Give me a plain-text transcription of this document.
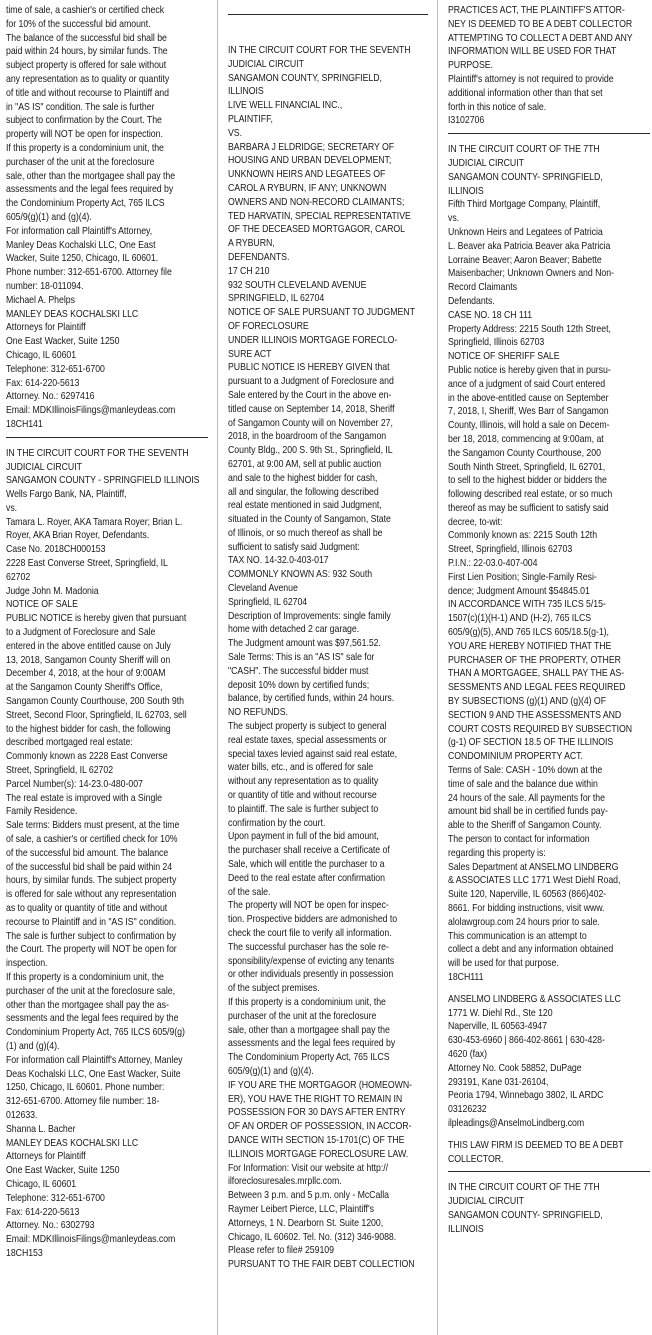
time of sale, a cashier's or certified check
for 10% of the successful bid amount.
The balance of the successful bid shall be
paid within 24 hours, by similar funds. The
subject property is offered for sale without
any representation as to quality or quantity
of title and without recourse to Plaintiff and
in "AS IS" condition. The sale is further
subject to confirmation by the Court. The
property will NOT be open for inspection.
If this property is a condominium unit, the
purchaser of the unit at the foreclosure
sale, other than the mortgagee shall pay the
assessments and the legal fees required by
the Condominium Property Act, 765 ILCS
605/9(g)(1) and (g)(4).
For information call Plaintiff's Attorney,
Manley Deas Kochalski LLC, One East
Wacker, Suite 1250, Chicago, IL 60601.
Phone number: 312-651-6700. Attorney file
number: 18-011094.
Michael A. Phelps
MANLEY DEAS KOCHALSKI LLC
Attorneys for Plaintiff
One East Wacker, Suite 1250
Chicago, IL 60601
Telephone: 312-651-6700
Fax: 614-220-5613
Attorney. No.: 6297416
Email: MDKIllinoisFilings@manleydeas.com
18CH141
IN THE CIRCUIT COURT FOR THE SEVENTH
JUDICIAL CIRCUIT
SANGAMON COUNTY - SPRINGFIELD ILLINOIS
Wells Fargo Bank, NA, Plaintiff,
vs.
Tamara L. Royer, AKA Tamara Royer; Brian L.
Royer, AKA Brian Royer, Defendants.
Case No. 2018CH000153
2228 East Converse Street, Springfield, IL
62702
Judge John M. Madonia
NOTICE OF SALE
PUBLIC NOTICE is hereby given that pursuant
to a Judgment of Foreclosure and Sale
entered in the above entitled cause on July
13, 2018, Sangamon County Sheriff will on
December 4, 2018, at the hour of 9:00AM
at the Sangamon County Sheriff's Office,
Sangamon County Courthouse, 200 South 9th
Street, Second Floor, Springfield, IL 62703, sell
to the highest bidder for cash, the following
described mortgaged real estate:
Commonly known as 2228 East Converse
Street, Springfield, IL 62702
Parcel Number(s): 14-23.0-480-007
The real estate is improved with a Single
Family Residence.
Sale terms: Bidders must present, at the time
of sale, a cashier's or certified check for 10%
of the successful bid amount. The balance
of the successful bid shall be paid within 24
hours, by similar funds. The subject property
is offered for sale without any representation
as to quality or quantity of title and without
recourse to Plaintiff and in "AS IS" condition.
The sale is further subject to confirmation by
the Court. The property will NOT be open for
inspection.
If this property is a condominium unit, the
purchaser of the unit at the foreclosure sale,
other than the mortgagee shall pay the as-
sessments and the legal fees required by the
Condominium Property Act, 765 ILCS 605/9(g)
(1) and (g)(4).
For information call Plaintiff's Attorney, Manley
Deas Kochalski LLC, One East Wacker, Suite
1250, Chicago, IL 60601. Phone number:
312-651-6700. Attorney file number: 18-
012633.
Shanna L. Bacher
MANLEY DEAS KOCHALSKI LLC
Attorneys for Plaintiff
One East Wacker, Suite 1250
Chicago, IL 60601
Telephone: 312-651-6700
Fax: 614-220-5613
Attorney. No.: 6302793
Email: MDKIllinoisFilings@manleydeas.com
18CH153
IN THE CIRCUIT COURT FOR THE SEVENTH
JUDICIAL CIRCUIT
SANGAMON COUNTY, SPRINGFIELD,
ILLINOIS
LIVE WELL FINANCIAL INC.,
PLAINTIFF,
VS.
BARBARA J ELDRIDGE; SECRETARY OF
HOUSING AND URBAN DEVELOPMENT;
UNKNOWN HEIRS AND LEGATEES OF
CAROL A RYBURN, IF ANY; UNKNOWN
OWNERS AND NON-RECORD CLAIMANTS;
TED HARVATIN, SPECIAL REPRESENTATIVE
OF THE DECEASED MORTGAGOR, CAROL
A RYBURN,
DEFENDANTS.
17 CH 210
932 SOUTH CLEVELAND AVENUE
SPRINGFIELD, IL 62704
NOTICE OF SALE PURSUANT TO JUDGMENT
OF FORECLOSURE
UNDER ILLINOIS MORTGAGE FORECLO-
SURE ACT
PUBLIC NOTICE IS HEREBY GIVEN that
pursuant to a Judgment of Foreclosure and
Sale entered by the Court in the above en-
titled cause on September 14, 2018, Sheriff
of Sangamon County will on November 27,
2018, in the boardroom of the Sangamon
County Bldg., 200 S. 9th St., Springfield, IL
62701, at 9:00 AM, sell at public auction
and sale to the highest bidder for cash,
all and singular, the following described
real estate mentioned in said Judgment,
situated in the County of Sangamon, State
of Illinois, or so much thereof as shall be
sufficient to satisfy said Judgment:
TAX NO. 14-32.0-403-017
COMMONLY KNOWN AS: 932 South
Cleveland Avenue
Springfield, IL 62704
Description of Improvements: single family
home with detached 2 car garage.
The Judgment amount was $97,561.52.
Sale Terms: This is an "AS IS" sale for
"CASH". The successful bidder must
deposit 10% down by certified funds;
balance, by certified funds, within 24 hours.
NO REFUNDS.
The subject property is subject to general
real estate taxes, special assessments or
special taxes levied against said real estate,
water bills, etc., and is offered for sale
without any representation as to quality
or quantity of title and without recourse
to plaintiff. The sale is further subject to
confirmation by the court.
Upon payment in full of the bid amount,
the purchaser shall receive a Certificate of
Sale, which will entitle the purchaser to a
Deed to the real estate after confirmation
of the sale.
The property will NOT be open for inspec-
tion. Prospective bidders are admonished to
check the court file to verify all information.
The successful purchaser has the sole re-
sponsibility/expense of evicting any tenants
or other individuals presently in possession
of the subject premises.
If this property is a condominium unit, the
purchaser of the unit at the foreclosure
sale, other than a mortgagee shall pay the
assessments and the legal fees required by
The Condominium Property Act, 765 ILCS
605/9(g)(1) and (g)(4).
IF YOU ARE THE MORTGAGOR (HOMEOWN-
ER), YOU HAVE THE RIGHT TO REMAIN IN
POSSESSION FOR 30 DAYS AFTER ENTRY
OF AN ORDER OF POSSESSION, IN ACCOR-
DANCE WITH SECTION 15-1701(C) OF THE
ILLINOIS MORTGAGE FORECLOSURE LAW.
For Information: Visit our website at http://
ilforeclosuresales.mrpllc.com.
Between 3 p.m. and 5 p.m. only - McCalla
Raymer Leibert Pierce, LLC, Plaintiff's
Attorneys, 1 N. Dearborn St. Suite 1200,
Chicago, IL 60602. Tel. No. (312) 346-9088.
Please refer to file# 259109
PURSUANT TO THE FAIR DEBT COLLECTION
PRACTICES ACT, THE PLAINTIFF'S ATTOR-
NEY IS DEEMED TO BE A DEBT COLLECTOR
ATTEMPTING TO COLLECT A DEBT AND ANY
INFORMATION WILL BE USED FOR THAT
PURPOSE.
Plaintiff's attorney is not required to provide
additional information other than that set
forth in this notice of sale.
I3102706
IN THE CIRCUIT COURT OF THE 7TH
JUDICIAL CIRCUIT
SANGAMON COUNTY- SPRINGFIELD,
ILLINOIS
Fifth Third Mortgage Company, Plaintiff,
vs.
Unknown Heirs and Legatees of Patricia
L. Beaver aka Patricia Beaver aka Patricia
Lorraine Beaver; Aaron Beaver; Babette
Maisenbacher; Unknown Owners and Non-
Record Claimants
Defendants.
CASE NO. 18 CH 111
Property Address: 2215 South 12th Street,
Springfield, Illinois 62703
NOTICE OF SHERIFF SALE
Public notice is hereby given that in pursu-
ance of a judgment of said Court entered
in the above-entitled cause on September
7, 2018, I, Sheriff, Wes Barr of Sangamon
County, Illinois, will hold a sale on Decem-
ber 18, 2018, commencing at 9:00am, at
the Sangamon County Courthouse, 200
South Ninth Street, Springfield, IL 62701,
to sell to the highest bidder or bidders the
following described real estate, or so much
thereof as may be sufficient to satisfy said
decree, to-wit:
Commonly known as: 2215 South 12th
Street, Springfield, Illinois 62703
P.I.N.: 22-03.0-407-004
First Lien Position; Single-Family Resi-
dence; Judgment Amount $54845.01
IN ACCORDANCE WITH 735 ILCS 5/15-
1507(c)(1)(H-1) AND (H-2), 765 ILCS
605/9(g)(5), AND 765 ILCS 605/18.5(g-1),
YOU ARE HEREBY NOTIFIED THAT THE
PURCHASER OF THE PROPERTY, OTHER
THAN A MORTGAGEE, SHALL PAY THE AS-
SESSMENTS AND LEGAL FEES REQUIRED
BY SUBSECTIONS (g)(1) AND (g)(4) OF
SECTION 9 AND THE ASSESSMENTS AND
COURT COSTS REQUIRED BY SUBSECTION
(g-1) OF SECTION 18.5 OF THE ILLINOIS
CONDOMINIUM PROPERTY ACT.
Terms of Sale: CASH - 10% down at the
time of sale and the balance due within
24 hours of the sale. All payments for the
amount bid shall be in certified funds pay-
able to the Sheriff of Sangamon County.
The person to contact for information
regarding this property is:
Sales Department at ANSELMO LINDBERG
& ASSOCIATES LLC 1771 West Diehl Road,
Suite 120, Naperville, IL 60563 (866)402-
8661. For bidding instructions, visit www.
alolawgroup.com 24 hours prior to sale.
This communication is an attempt to
collect a debt and any information obtained
will be used for that purpose.
18CH111
ANSELMO LINDBERG & ASSOCIATES LLC
1771 W. Diehl Rd., Ste 120
Naperville, IL 60563-4947
630-453-6960 | 866-402-8661 | 630-428-
4620 (fax)
Attorney No. Cook 58852, DuPage
293191, Kane 031-26104,
Peoria 1794, Winnebago 3802, IL ARDC
03126232
ilpleadings@AnselmoLindberg.com
THIS LAW FIRM IS DEEMED TO BE A DEBT
COLLECTOR.
IN THE CIRCUIT COURT OF THE 7TH
JUDICIAL CIRCUIT
SANGAMON COUNTY- SPRINGFIELD,
ILLINOIS
